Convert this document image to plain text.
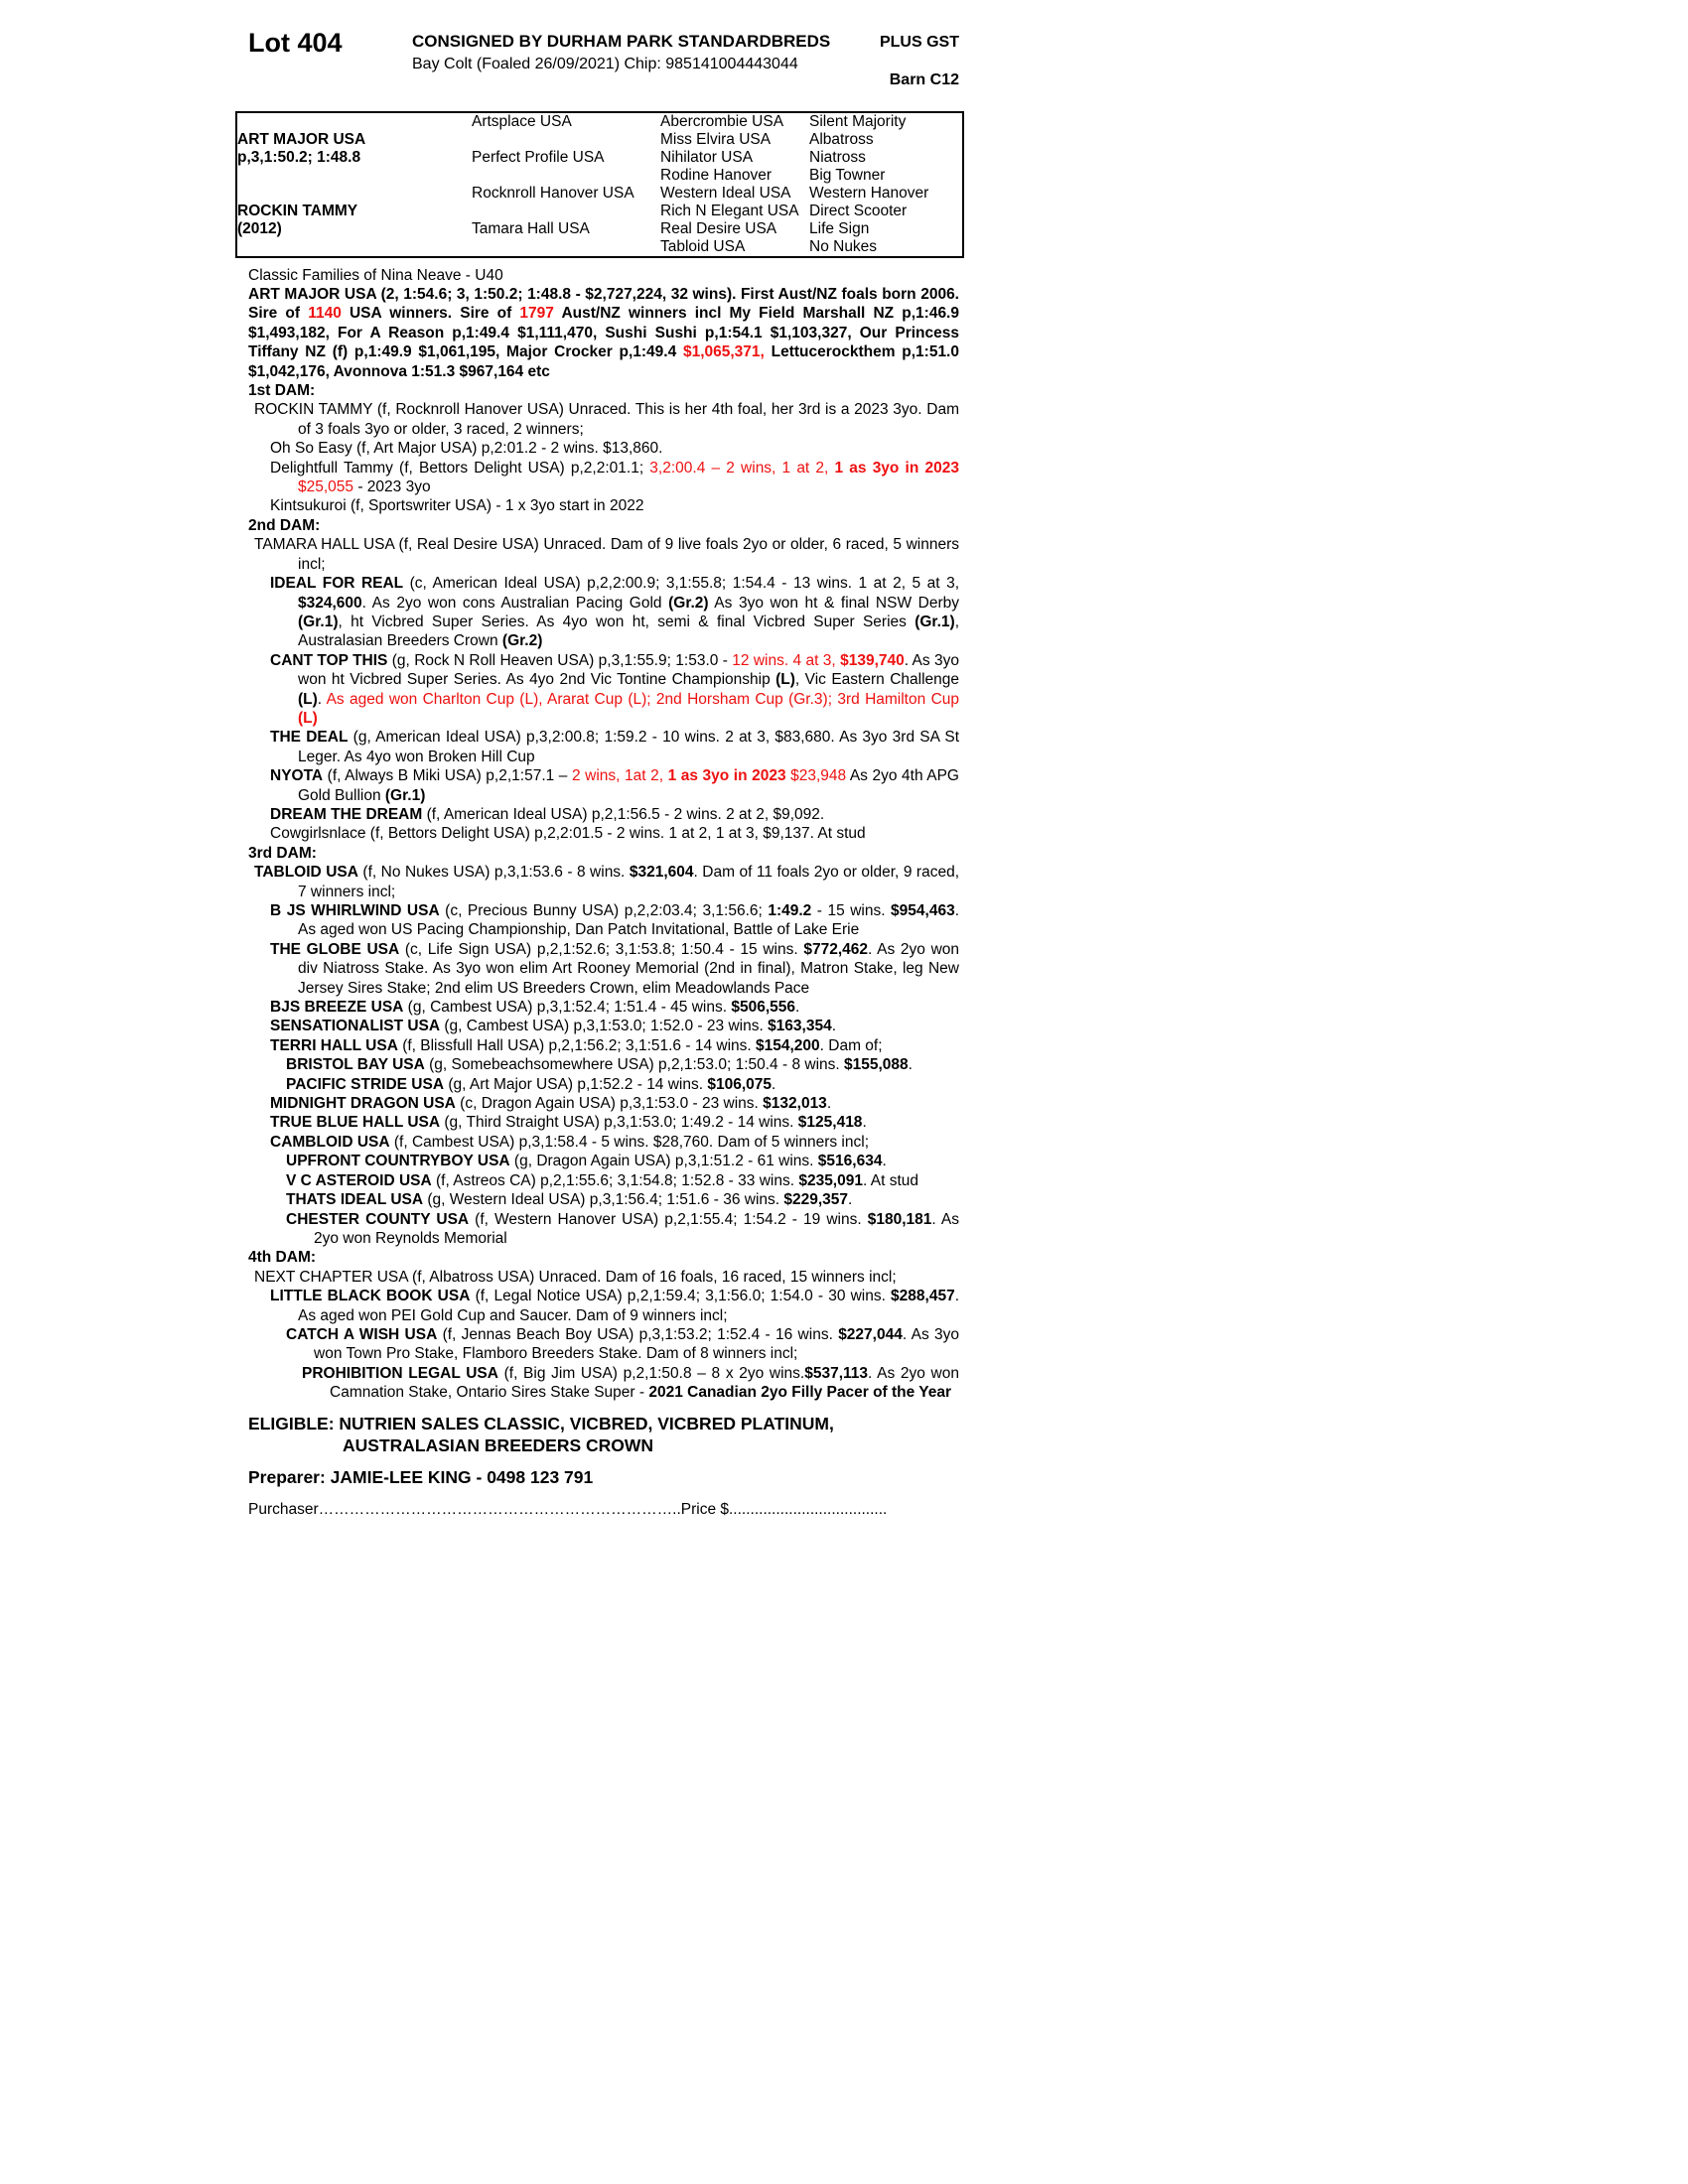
Lot 404	CONSIGNED BY DURHAM PARK STANDARDBREDS
Bay Colt (Foaled 26/09/2021) Chip: 985141004443044
PLUS GST
Barn C12
ART MAJOR USA
p,3,1:50.2; 1:48.8	Artsplace USA	Abercrombie USA	Silent Majority
		Miss Elvira USA	Albatross
	Perfect Profile USA	Nihilator USA	Niatross
		Rodine Hanover	Big Towner

ROCKIN TAMMY
(2012)	Rocknroll Hanover USA	Western Ideal USA	Western Hanover
		Rich N Elegant USA	Direct Scooter
	Tamara Hall USA	Real Desire USA	Life Sign
		Tabloid USA	No Nukes
Classic Families of Nina Neave - U40

ART MAJOR USA (2, 1:54.6; 3, 1:50.2; 1:48.8 - $2,727,224, 32 wins). First Aust/NZ foals born 2006. Sire of 1140 USA winners. Sire of 1797 Aust/NZ winners incl My Field Marshall NZ p,1:46.9 $1,493,182, For A Reason p,1:49.4 $1,111,470, Sushi Sushi p,1:54.1 $1,103,327, Our Princess Tiffany NZ (f) p,1:49.9 $1,061,195, Major Crocker p,1:49.4 $1,065,371, Lettucerockthem p,1:51.0 $1,042,176, Avonnova 1:51.3 $967,164 etc

1st DAM:

ROCKIN TAMMY (f, Rocknroll Hanover USA) Unraced. This is her 4th foal, her 3rd is a 2023 3yo. Dam of 3 foals 3yo or older, 3 raced, 2 winners;

Oh So Easy (f, Art Major USA) p,2:01.2 - 2 wins. $13,860.

Delightfull Tammy (f, Bettors Delight USA) p,2,2:01.1; 3,2:00.4 – 2 wins, 1 at 2, 1 as 3yo in 2023 $25,055 - 2023 3yo

Kintsukuroi (f, Sportswriter USA) - 1 x 3yo start in 2022

2nd DAM:

TAMARA HALL USA (f, Real Desire USA) Unraced. Dam of 9 live foals 2yo or older, 6 raced, 5 winners incl;

IDEAL FOR REAL (c, American Ideal USA) p,2,2:00.9; 3,1:55.8; 1:54.4 - 13 wins. 1 at 2, 5 at 3, $324,600. As 2yo won cons Australian Pacing Gold (Gr.2) As 3yo won ht & final NSW Derby (Gr.1), ht Vicbred Super Series. As 4yo won ht, semi & final Vicbred Super Series (Gr.1), Australasian Breeders Crown (Gr.2)

CANT TOP THIS (g, Rock N Roll Heaven USA) p,3,1:55.9; 1:53.0 - 12 wins. 4 at 3, $139,740. As 3yo won ht Vicbred Super Series. As 4yo 2nd Vic Tontine Championship (L), Vic Eastern Challenge (L). As aged won Charlton Cup (L), Ararat Cup (L); 2nd Horsham Cup (Gr.3); 3rd Hamilton Cup (L)

THE DEAL (g, American Ideal USA) p,3,2:00.8; 1:59.2 - 10 wins. 2 at 3, $83,680. As 3yo 3rd SA St Leger. As 4yo won Broken Hill Cup

NYOTA (f, Always B Miki USA) p,2,1:57.1 – 2 wins, 1at 2, 1 as 3yo in 2023 $23,948 As 2yo 4th APG Gold Bullion (Gr.1)

DREAM THE DREAM (f, American Ideal USA) p,2,1:56.5 - 2 wins. 2 at 2, $9,092.

Cowgirlsnlace (f, Bettors Delight USA) p,2,2:01.5 - 2 wins. 1 at 2, 1 at 3, $9,137. At stud

3rd DAM:

TABLOID USA (f, No Nukes USA) p,3,1:53.6 - 8 wins. $321,604. Dam of 11 foals 2yo or older, 9 raced, 7 winners incl;

B JS WHIRLWIND USA (c, Precious Bunny USA) p,2,2:03.4; 3,1:56.6; 1:49.2 - 15 wins. $954,463. As aged won US Pacing Championship, Dan Patch Invitational, Battle of Lake Erie

THE GLOBE USA (c, Life Sign USA) p,2,1:52.6; 3,1:53.8; 1:50.4 - 15 wins. $772,462. As 2yo won div Niatross Stake. As 3yo won elim Art Rooney Memorial (2nd in final), Matron Stake, leg New Jersey Sires Stake; 2nd elim US Breeders Crown, elim Meadowlands Pace

BJS BREEZE USA (g, Cambest USA) p,3,1:52.4; 1:51.4 - 45 wins. $506,556.

SENSATIONALIST USA (g, Cambest USA) p,3,1:53.0; 1:52.0 - 23 wins. $163,354.

TERRI HALL USA (f, Blissfull Hall USA) p,2,1:56.2; 3,1:51.6 - 14 wins. $154,200. Dam of;

BRISTOL BAY USA (g, Somebeachsomewhere USA) p,2,1:53.0; 1:50.4 - 8 wins. $155,088.

PACIFIC STRIDE USA (g, Art Major USA) p,1:52.2 - 14 wins. $106,075.

MIDNIGHT DRAGON USA (c, Dragon Again USA) p,3,1:53.0 - 23 wins. $132,013.

TRUE BLUE HALL USA (g, Third Straight USA) p,3,1:53.0; 1:49.2 - 14 wins. $125,418.

CAMBLOID USA (f, Cambest USA) p,3,1:58.4 - 5 wins. $28,760. Dam of 5 winners incl;

UPFRONT COUNTRYBOY USA (g, Dragon Again USA) p,3,1:51.2 - 61 wins. $516,634.

V C ASTEROID USA (f, Astreos CA) p,2,1:55.6; 3,1:54.8; 1:52.8 - 33 wins. $235,091. At stud

THATS IDEAL USA (g, Western Ideal USA) p,3,1:56.4; 1:51.6 - 36 wins. $229,357.

CHESTER COUNTY USA (f, Western Hanover USA) p,2,1:55.4; 1:54.2 - 19 wins. $180,181. As 2yo won Reynolds Memorial

4th DAM:

NEXT CHAPTER USA (f, Albatross USA) Unraced. Dam of 16 foals, 16 raced, 15 winners incl;

LITTLE BLACK BOOK USA (f, Legal Notice USA) p,2,1:59.4; 3,1:56.0; 1:54.0 - 30 wins. $288,457. As aged won PEI Gold Cup and Saucer. Dam of 9 winners incl;

CATCH A WISH USA (f, Jennas Beach Boy USA) p,3,1:53.2; 1:52.4 - 16 wins. $227,044. As 3yo won Town Pro Stake, Flamboro Breeders Stake. Dam of 8 winners incl;

PROHIBITION LEGAL USA (f, Big Jim USA) p,2,1:50.8 – 8 x 2yo wins.$537,113. As 2yo won Camnation Stake, Ontario Sires Stake Super - 2021 Canadian 2yo Filly Pacer of the Year

ELIGIBLE: NUTRIEN SALES CLASSIC, VICBRED, VICBRED PLATINUM,
AUSTRALASIAN BREEDERS CROWN
Preparer: JAMIE-LEE KING - 0498 123 791
Purchaser……………………………………………………………..Price $.....................................
